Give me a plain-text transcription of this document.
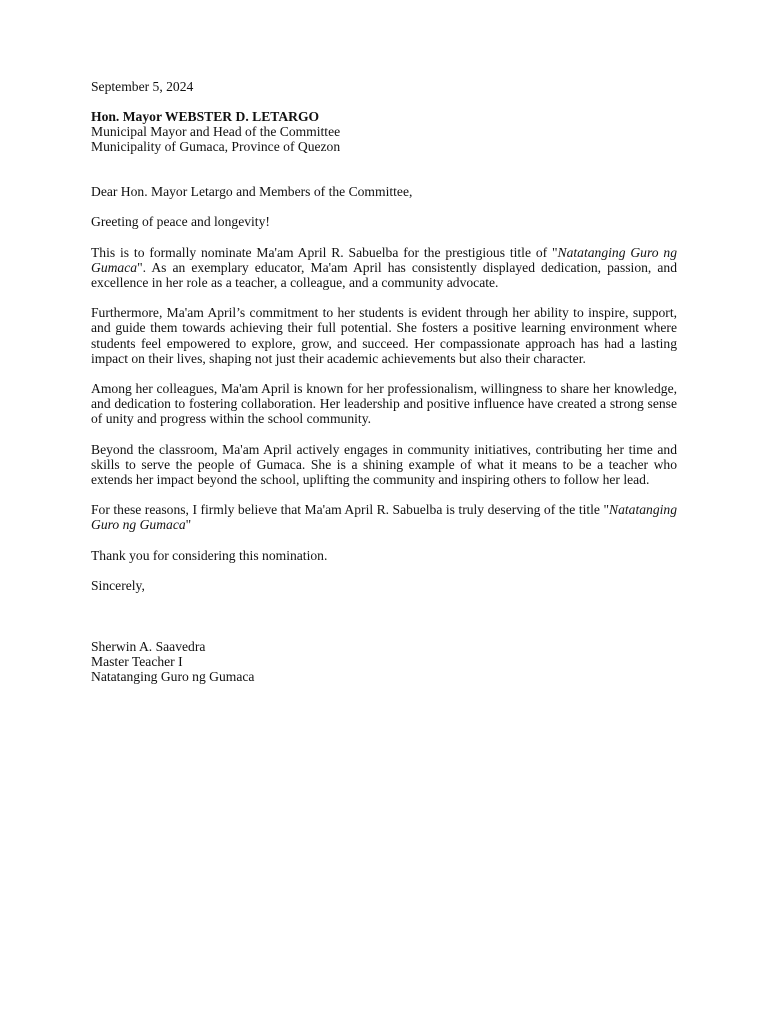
September 5, 2024
Hon. Mayor WEBSTER D. LETARGO
Municipal Mayor and Head of the Committee
Municipality of Gumaca, Province of Quezon
Dear Hon. Mayor Letargo and Members of the Committee,
Greeting of peace and longevity!

This is to formally nominate Ma'am April R. Sabuelba for the prestigious title of "Natatanging Guro ng Gumaca". As an exemplary educator, Ma'am April has consistently displayed dedication, passion, and excellence in her role as a teacher, a colleague, and a community advocate.

Furthermore, Ma'am April’s commitment to her students is evident through her ability to inspire, support, and guide them towards achieving their full potential. She fosters a positive learning environment where students feel empowered to explore, grow, and succeed. Her compassionate approach has had a lasting impact on their lives, shaping not just their academic achievements but also their character.

Among her colleagues, Ma'am April is known for her professionalism, willingness to share her knowledge, and dedication to fostering collaboration. Her leadership and positive influence have created a strong sense of unity and progress within the school community.

Beyond the classroom, Ma'am April actively engages in community initiatives, contributing her time and skills to serve the people of Gumaca. She is a shining example of what it means to be a teacher who extends her impact beyond the school, uplifting the community and inspiring others to follow her lead.

For these reasons, I firmly believe that Ma'am April R. Sabuelba is truly deserving of the title "Natatanging Guro ng Gumaca"

Thank you for considering this nomination.
Sincerely,
Sherwin A. Saavedra
Master Teacher I
Natatanging Guro ng Gumaca
